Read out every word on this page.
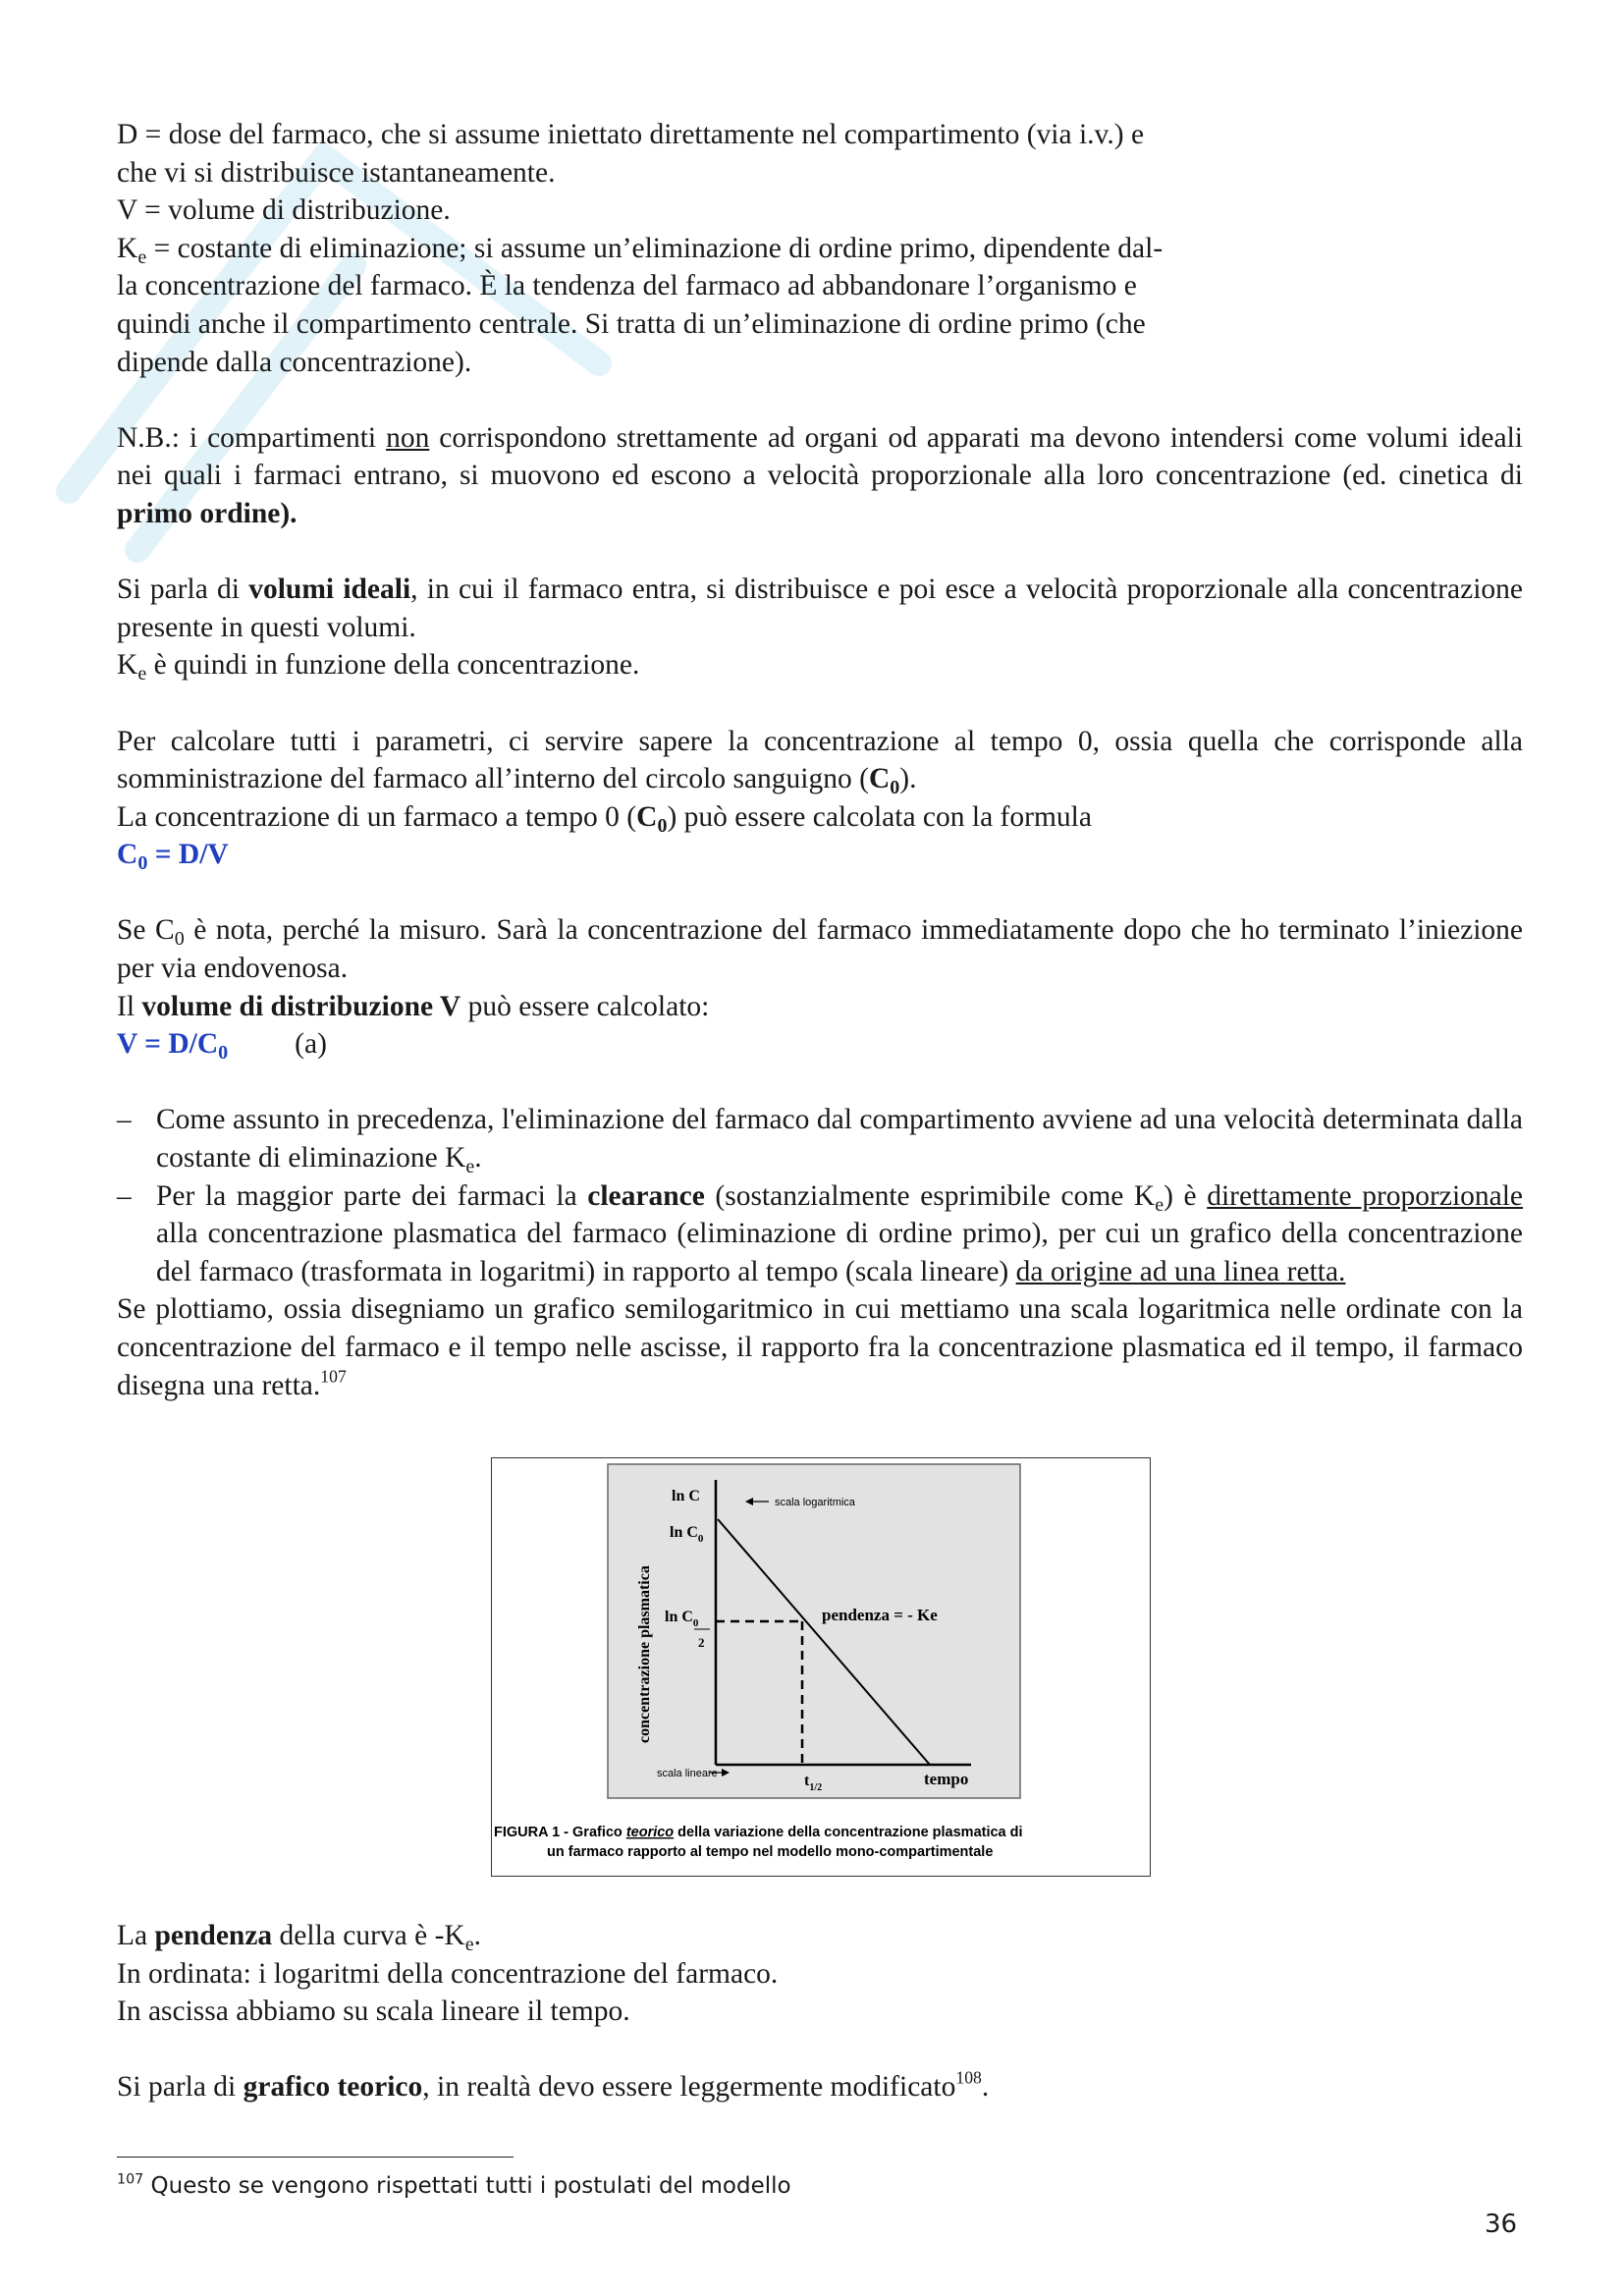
D = dose del farmaco, che si assume iniettato direttamente nel compartimento (via i.v.) e

che vi si distribuisce istantaneamente.

V = volume di distribuzione.

$K_e$ = costante di eliminazione; si assume un’eliminazione di ordine primo, dipendente dal-

la concentrazione del farmaco. È la tendenza del farmaco ad abbandonare l’organismo e

quindi anche il compartimento centrale. Si tratta di un’eliminazione di ordine primo (che

dipende dalla concentrazione).

N.B.: i compartimenti non corrispondono strettamente ad organi od apparati ma devono intendersi come volumi ideali nei quali i farmaci entrano, si muovono ed escono a velocità proporzionale alla loro concentrazione (ed. cinetica di primo ordine).

Si parla di volumi ideali, in cui il farmaco entra, si distribuisce e poi esce a velocità proporzionale alla concentrazione presente in questi volumi.

$K_e$ è quindi in funzione della concentrazione.

Per calcolare tutti i parametri, ci servire sapere la concentrazione al tempo 0, ossia quella che corrisponde alla somministrazione del farmaco all’interno del circolo sanguigno $(C_0)$.

La concentrazione di un farmaco a tempo 0 $(C_0)$ può essere calcolata con la formula

$C_0 = D/V$

Se $C_0$ è nota, perché la misuro. Sarà la concentrazione del farmaco immediatamente dopo che ho terminato l’iniezione per via endovenosa.

Il volume di distribuzione V può essere calcolato:

$V = D/C_0$ (a)

– Come assunto in precedenza, l'eliminazione del farmaco dal compartimento avviene ad una velocità determinata dalla costante di eliminazione $K_e$.
– Per la maggior parte dei farmaci la clearance (sostanzialmente esprimibile come $K_e$) è direttamente proporzionale alla concentrazione plasmatica del farmaco (eliminazione di ordine primo), per cui un grafico della concentrazione del farmaco (trasformata in logaritmi) in rapporto al tempo (scala lineare) da origine ad una linea retta.

Se plottiamo, ossia disegniamo un grafico semilogaritmico in cui mettiamo una scala logaritmica nelle ordinate con la concentrazione del farmaco e il tempo nelle ascisse, il rapporto fra la concentrazione plasmatica ed il tempo, il farmaco disegna una retta.$^{107}$

ln C	scala logaritmica
$\ln C_0$
$\ln C_0$
2
concentrazione plasmatica	pendenza = - Ke
scala lineare	$t_{1/2}$	tempo
FIGURA 1 - Grafico teorico della variazione della concentrazione plasmatica di
un farmaco rapporto al tempo nel modello mono-compartimentale

La pendenza della curva è $-K_e$.

In ordinata: i logaritmi della concentrazione del farmaco.

In ascissa abbiamo su scala lineare il tempo.

Si parla di grafico teorico, in realtà devo essere leggermente modificato$^{108}$.

$^{107}$ Questo se vengono rispettati tutti i postulati del modello
36
